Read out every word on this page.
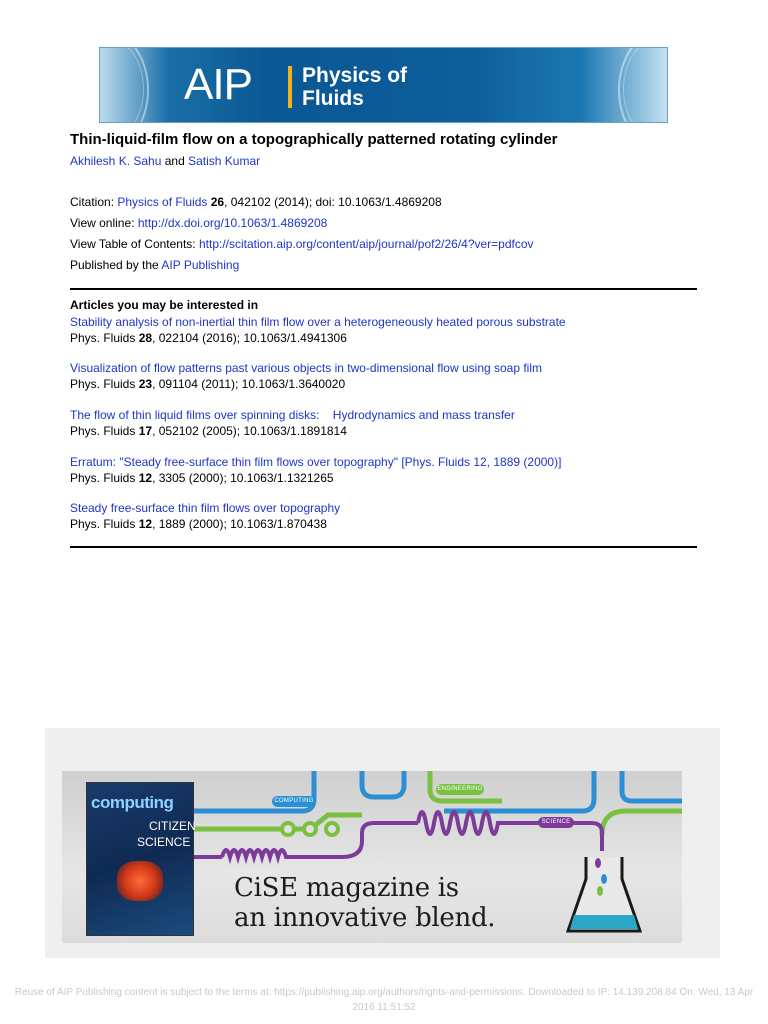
AIP Physics of
Fluids
Thin-liquid-film flow on a topographically patterned rotating cylinder
Akhilesh K. Sahu and Satish Kumar
Citation: Physics of Fluids 26, 042102 (2014); doi: 10.1063/1.4869208
View online: http://dx.doi.org/10.1063/1.4869208
View Table of Contents: http://scitation.aip.org/content/aip/journal/pof2/26/4?ver=pdfcov
Published by the AIP Publishing
Articles you may be interested in
Stability analysis of non-inertial thin film flow over a heterogeneously heated porous substrate
Phys. Fluids 28, 022104 (2016); 10.1063/1.4941306
Visualization of flow patterns past various objects in two-dimensional flow using soap film
Phys. Fluids 23, 091104 (2011); 10.1063/1.3640020
The flow of thin liquid films over spinning disks:    Hydrodynamics and mass transfer
Phys. Fluids 17, 052102 (2005); 10.1063/1.1891814
Erratum: "Steady free-surface thin film flows over topography" [Phys. Fluids 12, 1889 (2000)]
Phys. Fluids 12, 3305 (2000); 10.1063/1.1321265
Steady free-surface thin film flows over topography
Phys. Fluids 12, 1889 (2000); 10.1063/1.870438
COMPUTING
ENGINEERING
SCIENCE
computing
CITIZEN
SCIENCE
CiSE magazine is
an innovative blend.
Reuse of AIP Publishing content is subject to the terms at: https://publishing.aip.org/authors/rights-and-permissions. Downloaded to IP: 14.139.208.84 On: Wed, 13 Apr
2016 11:51:52
